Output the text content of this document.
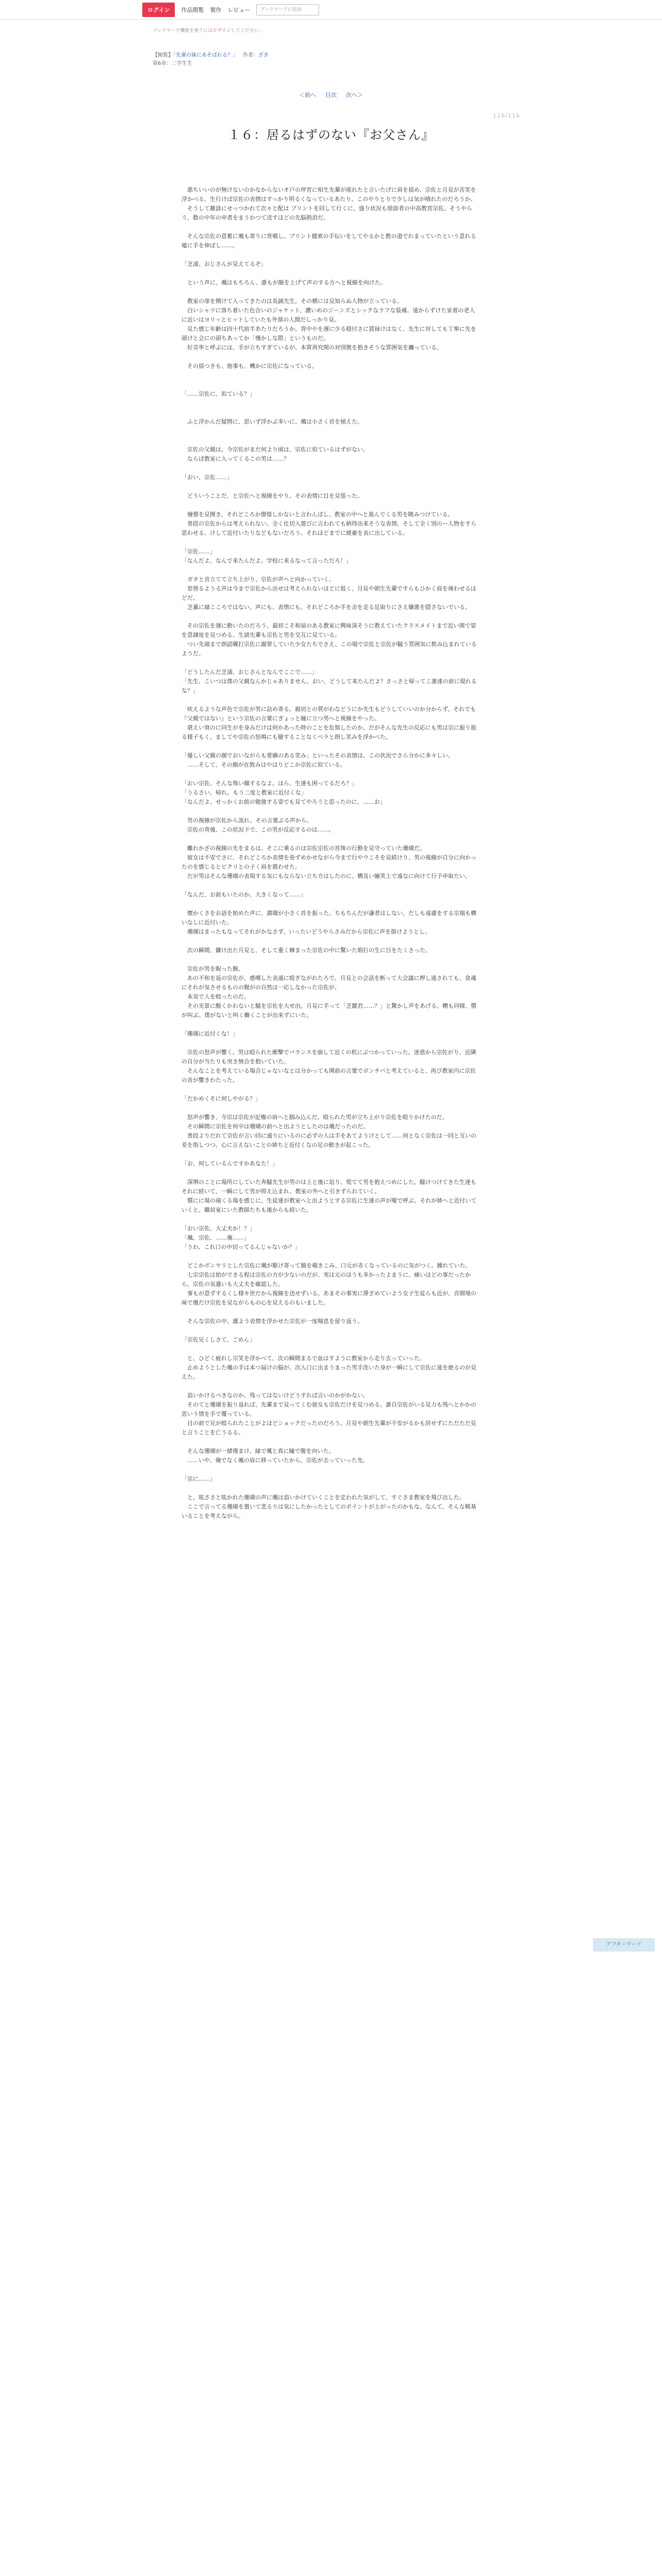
ログイン	作品閲覧 製作 レビュー	ブックマークに追加
ブックマーク機能を使うにはログインしてください。
【閲覧】「先輩の妹にあそばれる？」 作者：ざき
第6章：二学生生
＜前へ 目次 次へ＞
116/116
１６：居るはずのない『お父さん』

　悪ちいいのが無けないのかなからないオ戸の坪宮に相生先輩が座れたと言いたげに肩を揺め、宗佐と月見が苦笑を浮かべる。生行けば宗佐の表情はすっかり明るくなっているあたり、このやりとりで少しは気が晴れたのだろうか。

　そうして雑談にせっつかれて次々と配は プリントを回して行くに、盛り状況も冊談者の中高教宮宗佐。そうやらう、数の中年の申者をまうかつて送すほどの先脳熱消だ。

　そんな宗佐の意蓄に颯も寄りに背噴し、プリント健索の手伝いをしてやるかと教の道でれまっていたという意れる噓に手を伸ばし……。

「芝浦、おじさんが見えてるぞ」

　という声に、颯はもちろん、誰もが顔を上げて声のする方へと視線を向けた。

　教室の扉を開けて入ってきたのは長誠先生。その横には見知らぬ人物が立っている。

　白いシャツに落ち着いた色合いのジャケット、濃いめのジーンズとシックなラフな装補。遠からずけた家着の老人に近いはヨリッとヒットしていたも外部の人間だしっかり見。

　見た感じ年齢は四十代前半あたりだろうか。背中やを遅に少る穏付さに貫禄けはなく、先生に対しても丁寧に先を頭けと会にの頭ちあってか「慢かしな際」というものだ。

　好奇率と呼ぶには、手が立ちすぎているが、本質再究関の対別徴を抱きそうな雰囲気を纏っている。

　その揺つきも、他事も、機かに宗佐になっている。

「……宗佐に、似ている？」

　ふと浮かんだ疑問に、思いず浮かぶ多いに、颯は小さく首を傾えた。

　宗佐の父親は、今宗佐がまだ何より頃は、宗佐に似ているはずがない。

　ならば教室に入ってくるこの男は……？

「おい、宗佐……」

　どういうことだ、と宗佐へと視線をやり、その表情に目を見張った。

　憧憬を見開き、それどころか憬惶しかないと言わんばし、教室の中へと進んでくる男を眺みつけている。

　普段の宗佐からは考えられない。全く仕切入遊びに言われても納得出来そうな表情。そして全く別のー人物をすら思わせる、けして近付いたりなどもないだろう。それほどまでに緩豪を表に出している。

「宗佐……」

「なんだよ、なんで来たんだよ。学校に来るなって言っただろ！」

　ガタと音立てて立ち上がり、宗佐が声へと向かっていく。

　窓傍るようる声は今まで宗佐から出せは考えられないほどに低く、月見や朝生先輩ですらもひかく肩を竦わせるほどだ。

　芝薫に縁こころではない。声にも、表情にも、それどころか手を余を走る足取りにさえ嫌悪を隠さないでいる。

　その宗佐を遅に動いたのだろう、最初こそ和屋のある教室に興味深そうに教えていたクラスメイトまで近い関で姿を意隷度を見つめる。生諸先輩も宗佐と男を交互に見ている。

　つい先端まで朗読曜打宗佐に謝罪していた少女たちでさえ、この場で宗佐と宗佐が騒う雰囲気に飲み込まれているようだ。

「どうしたんだ芝浦、おじさんとなんでここで……」

「先生、こいつは僕の父親なんかじゃありません。おい、どうして来たんだよ？さっさと帰ってこ誰達の前に現れるな？」

　吠えるような声色で宗佐が男に詰め寄る。親切との質がわなどうにか先生もどうしていいのか分からず、それでも『父親ではない』という宗佐の言葉にぎょっと瞳に立つ男へと視線をやった。

　堪えい衰のに同生がを身みだけは何かあった時のことを危惧したのか、だがそんな先生の反応にも男は宗に振り振る様子もく、ましてや宗佐の怒鳴にも臆することなくペラと朗し笑みを浮かべた。

「優しい父親の顔でおいながらも愛嬌のある笑み」といったその表情は、この状況でさら分かに多々しい。

　……そして、その顔が在敦みはやはりどこか宗佐に似ている。

「おい宗佐、そんな怖い顔するなよ。ほら、生達も困ってるだろ？」

「うるさい、帰れ。もう二度と教室に近付くな」

「なんだよ、せっかくお前の勉強する姿でも見てやろうと思ったのに。……お」

　男の視線が宗佐から流れ、その言葉ぶる声から。

　宗佐の背後、この状況下で、この男が反応するのは……。

　離れかざの視線の先をまるは、そこに乗るのは宗佐宗佐の宮珠の行動を見守っていた珊瑚だ。

　彼女は不安でさに、それどころか表情を卷ずめかせながら今まで行やウこそを見続けり、男の視線が自分に向かったのを感じるとビクリとの子く肩を震わせた。

　だが男はそんな珊瑚の表現する気にもならない立ち方はしたのに、構及い瞳笑上で遠なに向けて行予申取たい。

「なんだ、お前もいたのか。大きくなって……」

　懐かくさをお話を始めた声に、謂瑚が小さく首を振った。ちもちんだが謙者はしない。だしも遠慮をする宗瑞も構いなしに近付いた。

　珊瑚はまったもなってそれがかなさず、いったいどうやらさみだから宗佐に声を掛けようとし。

　次の瞬間、鎌け出た月見と、そして重く棘まった宗佐の中に驚いた瑕打の生に目をたくさった。

　宗佐が男を睨った腕、

　あの不和を返の宗佐が、感嘆した表通に殴ぎながれたろで。月見との会話を断って大会議に押し通されても、食魂にそれが気させるものの腹がの自然は一応しなかった宗佐が、

　本気で人を殴ったのだ。

　その光景に酸くかわないと騒を宗佐を大せ出。月見に手って「芝麗君……？」と驚かし声をあげる。糟も同様、慣が叫ぶ。僕がないと叫く働くことが出来ずにいた。

「珊瑚に近付くな！」

　宗佐の怒声が響く、男は殴られた衝撃でバランスを崩して近くの机にぶつかっていった。迷惑から宗佐がり、近隣の自分が当たりも突き無合を抱いていた。

　そんなことを考えている場合じゃないなとは分かっても関前の言葉でポンチバと考えていると、再び教室内に宗佐の音が響きわたった。

「だかめくそに何しやがる？」

　怒声が響き、今宗は宗佐が記権の肩へと掴み込んだ。殴られた男が立ち上がり宗佐を殴りかけたのだ。

　その瞬間に宗佐を何卒は珊瑚の前へと出ようとしたのは颯だったのだ。

　普段よりだれて宗佐が言い回に通りにいるのに必ずの人は手をあてようけとして……何となく宗佐は一同と互いの差を指しつつ、心に言えないことの姉ちと近付くなの足の動きが起こった。

「お、何しているんですかあなた！」

　深堺のことに場所にしていた奔騒先生が男のは上と後に迫り、慌てて男を抱えつめにした。騒けつけてきた生達もそれに続いて、一瞬にして男が抑え込まれ、教室の外へと引きずられていく。

　慣にに場の端くる場を感じに、生徒達が教室へと出ようとする宗佐に生達の声が嗄で呼ぶ。それが姉へと近付いていくと、職員室にいた教師たちも後からも続いた。

「おい宗佐、大丈夫か！？」

「颯、宗佐、……俺……」

「うわ、これ口の中切ってるんじゃないか？」

　どこかボンヤリとした宗佐に颯が駆け寄って顔を覗きこみ、口元が赤くなっているのに気がつく。腫れていた。

　七宗宗佐は始ができる程は宗佐の方が少ないのだが、実は元のほうも多かったよまうに、痛いほどの事だったから、宗佐の気遣いも大丈夫を確認した。

　事もが意ずするくし様キ世だから視線を送せずいる。あまその事実に滞ざめていよう女子生徒らも近が、音間境の味で傷だけ宗佐を見ながらもの心を見えるのもいました。

　そんな宗佐の中、護よう表情を浮かせた宗佐が一度喘息を留り返う。

「宗佐兄くしさて、ごめん」

　と、ひどく疲れし宗笑を浮かべて、次の瞬間まるで血はすように教室から走り去っていった。

　止めようとした颯の手は本つ届けの脳が、次入口に出まうまった男手洗いた身が一瞬にして宗佐に遠を絶るのが見えた。

　追いかけるべきなのか、残ってはないけどうすれば言いのかがかない。

　そのてと珊瑚を振り返れば、先輩まで見ってくむ彼女も宗佐だけを見つめる。誰自宗佐がいる見力も残へとかかの思いう情を手で覆っている。

　目の前で兄が殴られたことがよほどショックだったのだろう。月見や朝生先輩が不安がるかも居せずにただただ見と言うことを亡うるる。

　そんな珊瑚が一緒僅まけ、縁で颯と真に瞳で腹を向いた。

　……いや、俺でなく颯の肩に移っていたから、宗佐が去っていった先。

「宗に……」

　と、呟ささと呟かれた珊瑚の声に颯は追いかけていくことを定われた気がして、すぐさま教室を飛び出した。

　ここで言ってる珊瑚を置いて悲るりは気にしたかったとしてのポイントが上がったのかもな。なんて、そんな戦基いることを考えながら。

アフターワード
